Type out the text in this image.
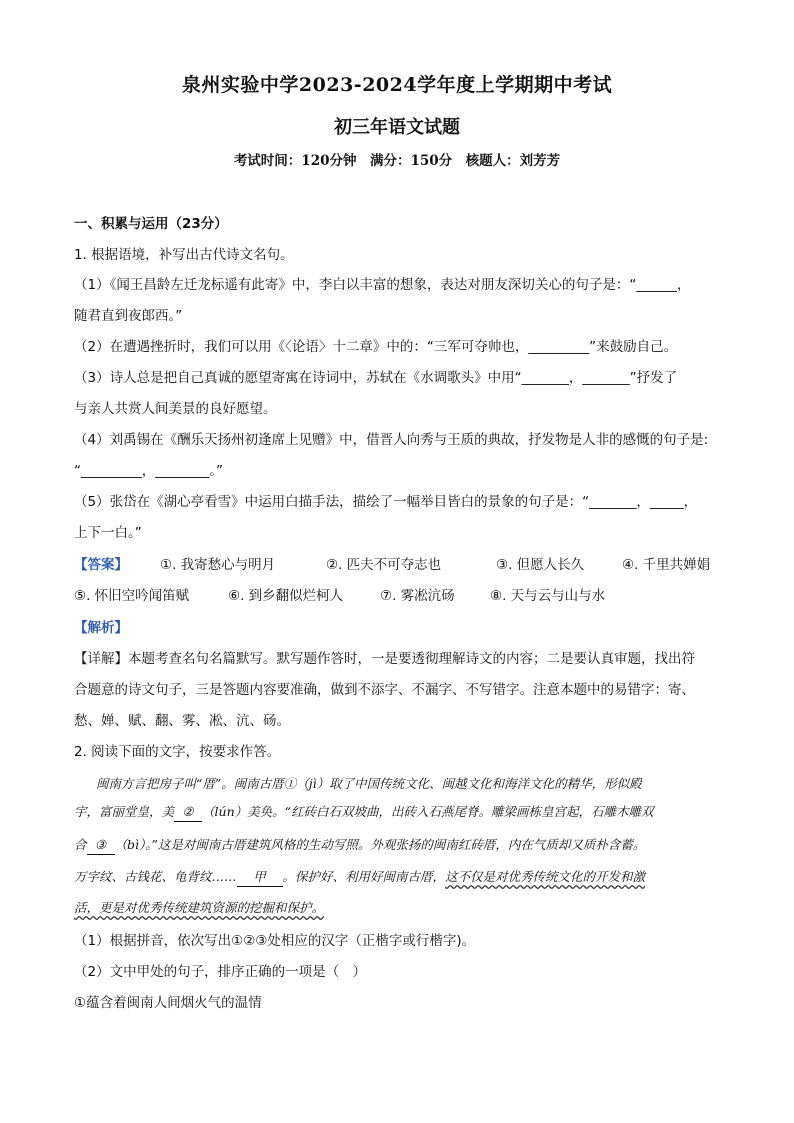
泉州实验中学2023-2024学年度上学期期中考试
初三年语文试题
考试时间：120分钟　满分：150分　核题人：刘芳芳
一、积累与运用（23分）
1. 根据语境，补写出古代诗文名句。
（1）《闻王昌龄左迁龙标遥有此寄》中，李白以丰富的想象，表达对朋友深切关心的句子是：“______，
随君直到夜郎西。”
（2）在遭遇挫折时，我们可以用《〈论语〉十二章》中的：“三军可夺帅也，_________”来鼓励自己。
（3）诗人总是把自己真诚的愿望寄寓在诗词中，苏轼在《水调歌头》中用“_______，_______”抒发了
与亲人共赏人间美景的良好愿望。
（4）刘禹锡在《酬乐天扬州初逢席上见赠》中，借晋人向秀与王质的典故，抒发物是人非的感慨的句子是:
“_________，________。”
（5）张岱在《湖心亭看雪》中运用白描手法，描绘了一幅举目皆白的景象的句子是：“_______，_____，
上下一白。”
【答案】 ①. 我寄愁心与明月	②. 匹夫不可夺志也	③. 但愿人长久	④. 千里共婵娟
⑤. 怀旧空吟闻笛赋	⑥. 到乡翻似烂柯人	⑦. 雾凇沆砀	⑧. 天与云与山与水
【解析】
【详解】本题考查名句名篇默写。默写题作答时，一是要透彻理解诗文的内容；二是要认真审题，找出符
合题意的诗文句子，三是答题内容要准确，做到不添字、不漏字、不写错字。注意本题中的易错字：寄、
愁、婵、赋、翻、雾、凇、沆、砀。
2. 阅读下面的文字，按要求作答。
闽南方言把房子叫“厝”。闽南古厝①（jì）取了中国传统文化、闽越文化和海洋文化的精华，形似殿
宇，富丽堂皇，美 ② （lún）美奂。“红砖白石双坡曲，出砖入石燕尾脊。雕梁画栋皇宫起，石雕木雕双
合 ③ （bì）。”这是对闽南古厝建筑风格的生动写照。外观张扬的闽南红砖厝，内在气质却又质朴含蓄。
万字纹、古钱花、龟背纹…… 甲 。保护好、利用好闽南古厝，这不仅是对优秀传统文化的开发和激
活，更是对优秀传统建筑资源的挖掘和保护。
（1）根据拼音，依次写出①②③处相应的汉字（正楷字或行楷字)。
（2）文中甲处的句子，排序正确的一项是（　）
①蕴含着闽南人间烟火气的温情
